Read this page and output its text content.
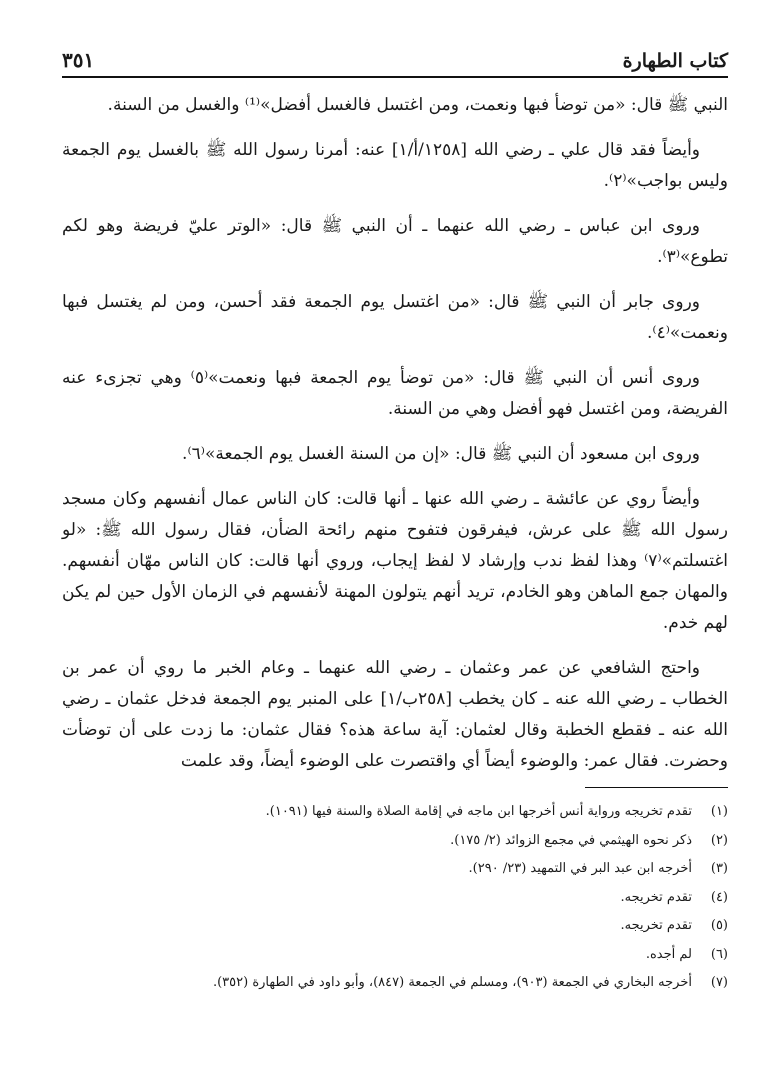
كتاب الطهارة
٣٥١

النبي ﷺ قال: «من توضأ فبها ونعمت، ومن اغتسل فالغسل أفضل»⁽¹⁾ والغسل من السنة.

وأيضاً فقد قال علي ـ رضي الله [١٢٥٨/أ/١] عنه: أمرنا رسول الله ﷺ بالغسل يوم الجمعة وليس بواجب»⁽٢⁾.

وروى ابن عباس ـ رضي الله عنهما ـ أن النبي ﷺ قال: «الوتر عليّ فريضة وهو لكم تطوع»⁽٣⁾.

وروى جابر أن النبي ﷺ قال: «من اغتسل يوم الجمعة فقد أحسن، ومن لم يغتسل فبها ونعمت»⁽٤⁾.

وروى أنس أن النبي ﷺ قال: «من توضأ يوم الجمعة فبها ونعمت»⁽٥⁾ وهي تجزىء عنه الفريضة، ومن اغتسل فهو أفضل وهي من السنة.

وروى ابن مسعود أن النبي ﷺ قال: «إن من السنة الغسل يوم الجمعة»⁽٦⁾.

وأيضاً روي عن عائشة ـ رضي الله عنها ـ أنها قالت: كان الناس عمال أنفسهم وكان مسجد رسول الله ﷺ على عرش، فيفرقون فتفوح منهم رائحة الضأن، فقال رسول الله ﷺ: «لو اغتسلتم»⁽٧⁾ وهذا لفظ ندب وإرشاد لا لفظ إيجاب، وروي أنها قالت: كان الناس مهّان أنفسهم. والمهان جمع الماهن وهو الخادم، تريد أنهم يتولون المهنة لأنفسهم في الزمان الأول حين لم يكن لهم خدم.

واحتج الشافعي عن عمر وعثمان ـ رضي الله عنهما ـ وعام الخبر ما روي أن عمر بن الخطاب ـ رضي الله عنه ـ كان يخطب [٢٥٨ب/١] على المنبر يوم الجمعة فدخل عثمان ـ رضي الله عنه ـ فقطع الخطبة وقال لعثمان: آية ساعة هذه؟ فقال عثمان: ما زدت على أن توضأت وحضرت. فقال عمر: والوضوء أيضاً أي واقتصرت على الوضوء أيضاً، وقد علمت

(١)
تقدم تخريجه ورواية أنس أخرجها ابن ماجه في إقامة الصلاة والسنة فيها (١٠٩١).
(٢)
ذكر نحوه الهيثمي في مجمع الزوائد (٢/ ١٧٥).
(٣)
أخرجه ابن عبد البر في التمهيد (٢٣/ ٢٩٠).
(٤)
تقدم تخريجه.
(٥)
تقدم تخريجه.
(٦)
لم أجده.
(٧)
أخرجه البخاري في الجمعة (٩٠٣)، ومسلم في الجمعة (٨٤٧)، وأبو داود في الطهارة (٣٥٢).
